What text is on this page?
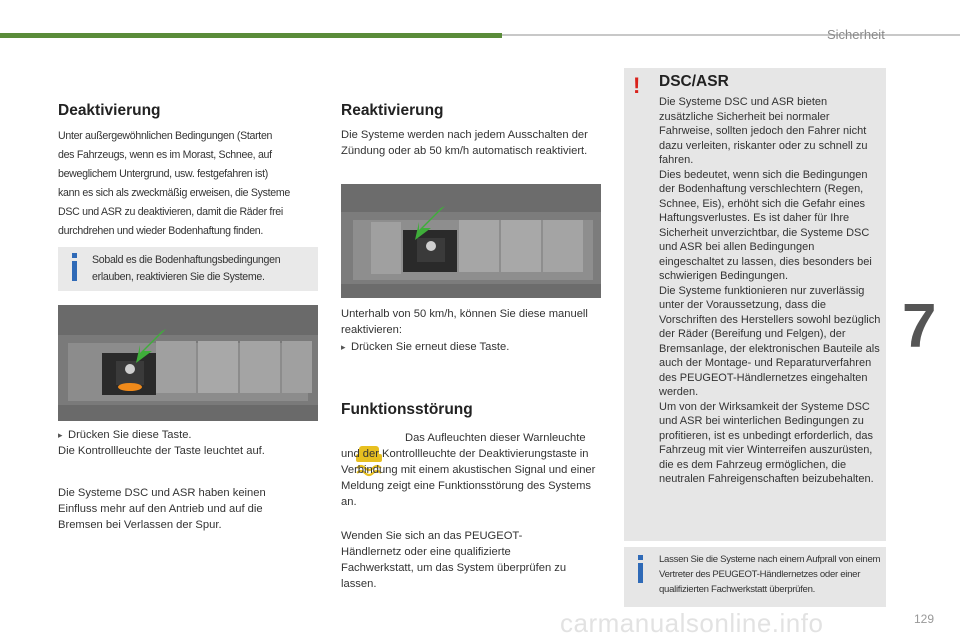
Sicherheit
7
Deaktivierung

Unter außergewöhnlichen Bedingungen (Starten des Fahrzeugs, wenn es im Morast, Schnee, auf beweglichem Untergrund, usw. festgefahren ist) kann es sich als zweckmäßig erweisen, die Systeme DSC und ASR zu deaktivieren, damit die Räder frei durchdrehen und wieder Bodenhaftung finden.

Sobald es die Bodenhaftungsbedingungen erlauben, reaktivieren Sie die Systeme.

▸ Drücken Sie diese Taste.

Die Kontrollleuchte der Taste leuchtet auf.

Die Systeme DSC und ASR haben keinen Einfluss mehr auf den Antrieb und auf die Bremsen bei Verlassen der Spur.

Reaktivierung

Die Systeme werden nach jedem Ausschalten der Zündung oder ab 50 km/h automatisch reaktiviert.

Unterhalb von 50 km/h, können Sie diese manuell reaktivieren:

▸ Drücken Sie erneut diese Taste.

Funktionsstörung

Das Aufleuchten dieser Warnleuchte und der Kontrollleuchte der Deaktivierungstaste in Verbindung mit einem akustischen Signal und einer Meldung zeigt eine Funktionsstörung des Systems an.

Wenden Sie sich an das PEUGEOT-Händlernetz oder eine qualifizierte Fachwerkstatt, um das System überprüfen zu lassen.

! DSC/ASR
Die Systeme DSC und ASR bieten zusätzliche Sicherheit bei normaler Fahrweise, sollten jedoch den Fahrer nicht dazu verleiten, riskanter oder zu schnell zu fahren.
Dies bedeutet, wenn sich die Bedingungen der Bodenhaftung verschlechtern (Regen, Schnee, Eis), erhöht sich die Gefahr eines Haftungsverlustes. Es ist daher für Ihre Sicherheit unverzichtbar, die Systeme DSC und ASR bei allen Bedingungen eingeschaltet zu lassen, dies besonders bei schwierigen Bedingungen.
Die Systeme funktionieren nur zuverlässig unter der Voraussetzung, dass die Vorschriften des Herstellers sowohl bezüglich der Räder (Bereifung und Felgen), der Bremsanlage, der elektronischen Bauteile als auch der Montage- und Reparaturverfahren des PEUGEOT-Händlernetzes eingehalten werden.
Um von der Wirksamkeit der Systeme DSC und ASR bei winterlichen Bedingungen zu profitieren, ist es unbedingt erforderlich, das Fahrzeug mit vier Winterreifen auszurüsten, die es dem Fahrzeug ermöglichen, die neutralen Fahreigenschaften beizubehalten.

Lassen Sie die Systeme nach einem Aufprall von einem Vertreter des PEUGEOT-Händlernetzes oder einer qualifizierten Fachwerkstatt überprüfen.

carmanualsonline.info	129
